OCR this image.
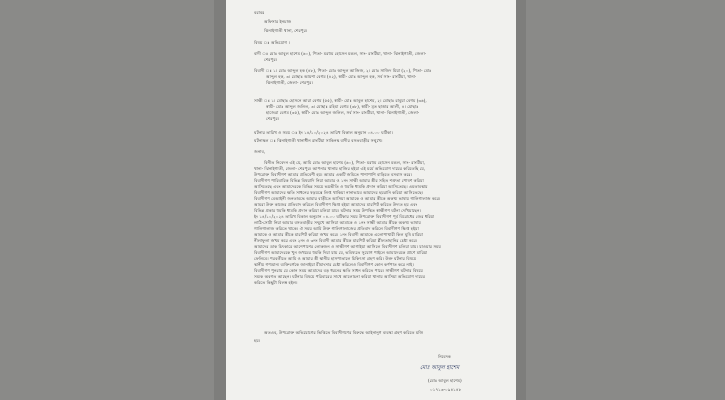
বরাবর
অফিসার ইনচার্জ
ঝিনাইগাতী থানা, শেরপুর।
বিষয় ঃ অভিযোগ ।
বাদী ঃ মোঃ আবুল হাশেম (৬০), পিতা- মরহুম হোসেন মন্ডল, সাং- রাংটিয়া, থানা- ঝিনাইগাতী, জেলা-
শেরপুর।
বিবাদী ঃ ১। মোঃ আব্দুল হক (৪৮), পিতা- মোঃ আব্দুল আজিজ, ২। মোঃ সাজিদ মিয়া (২০), পিতা- মোঃ
আব্দুল হক, ৩। মোছাঃ আয়শা বেগম (৪২), স্বামী- মোঃ আব্দুল হক, সর্ব সাং- রাংটিয়া, থানা-
ঝিনাইগাতী, জেলা- শেরপুর।
সাক্ষী ঃ ১। মোছাঃ হোসনে আরা বেগম (৫৫), স্বামী- মোঃ আবুল হাশেম, ২। মোছাঃ রাবুয়া বেগম (৩৬),
স্বামী- মোঃ আব্দুল জলিল, ৩। মোছাঃ রহিমা বেগম (৩৮), স্বামী- মৃত ছাত্তার আলী, ৪। মোছাঃ
হাজেরা বেগম (৩৫), স্বামী- মোঃ আব্দুল জলিল, সর্ব সাং- রাংটিয়া, থানা- ঝিনাইগাতী, জেলা-
শেরপুর।
ঘটনার তারিখ ও সময় ঃ ইং ১৪/১০/২০২৪ তারিখ বিকাল অনুমান ০৪.০০ ঘটিকা।
ঘটনাস্থল ঃ ঝিনাইগাতী থানাধীন রাংটিয়া সাকিনস্থ বাদীর বসতবাড়ীর সম্মুখে।
জনাব,
বিনীত নিবেদন এই যে, আমি মোঃ আবুল হাশেম (৬০), পিতা- মরহুম হোসেন মন্ডল, সাং- রাংটিয়া,
থানা- ঝিনাইগাতী, জেলা- শেরপুর। আপনার থানায় হাজির হইয়া এই মর্মে অভিযোগ দায়ের করিতেছি যে,
উপরোক্ত বিবাদীগণ আমার প্রতিবেশী হয়। আমার একটি জমিতে পাশাপাশি বাড়িতে বসবাস করে।
বিবাদীগণ পারিবারিক বিভিন্ন বিষয়াদি নিয়া আমার ও ১নং সাক্ষী আমার স্ত্রীর সহিত শত্রুতা পোষণ করিয়া
আসিতেছে এবং আমাদেরকে বিভিন্ন সময়ে ভয়ভীতি ও হুমকি ধামকি প্রদান করিয়া আসিতেছে। এমতাবস্থায়
বিবাদীগণ আমাদের ক্ষতি সাধনের ষড়যন্ত্রে লিপ্ত থাকিয়া নানাভাবে আমাদের হয়রানি করিয়া আসিতেছে।
বিবাদীগণ বেআইনী জনতাবদ্ধে আমার বাড়ীতে আসিয়া আমাকে ও আমার স্ত্রীকে অকথ্য ভাষায় গালিগালাজ করে।
আমরা উক্ত কাজের প্রতিবাদ করিলে বিবাদীগণ ক্ষিপ্ত হইয়া আমাদের মারপিট করিতে উদ্যত হয় এবং
বিভিন্ন প্রকার হুমকি ধামকি প্রদান করিয়া চলিয়া যায়। ঘটনার সময় উপস্থিত স্বাক্ষীগণ ঘটনা দেখিয়াছেন।
ইং ১৪/১০/২০২৪ তারিখ বিকাল অনুমান ০৪.০০ ঘটিকার সময় উপরোক্ত বিবাদীগণ পূর্ব বিরোধের জের ধরিয়া
লাঠি-সোটা নিয়া আমার বসতবাড়ীর সম্মুখে আসিয়া আমাকে ও ১নং সাক্ষী আমার স্ত্রীকে অকথ্য ভাষায়
গালিগালাজ করিতে থাকে। ঐ সময় আমি উক্ত গালিগালাজের প্রতিবাদ করিলে বিবাদীগণ ক্ষিপ্ত হইয়া
আমাকে ও আমার স্ত্রীকে মারপিট করিয়া জখম করে। ১নং বিবাদী আমাকে এলোপাথারী কিল ঘুষি মারিয়া
নীলাফুলা জখম করে এবং ২নং ও ৩নং বিবাদী আমার স্ত্রীকে মারপিট করিয়া শ্লীলতাহানির চেষ্টা করে।
আমাদের ডাক চিৎকারে আশেপাশের লোকজন ও সাক্ষীগণ আগাইয়া আসিলে বিবাদীগণ চলিয়া যায়। যাওয়ার সময়
বিবাদীগণ আমাদেরকে খুন জখমের হুমকি দিয়া যায় যে, ভবিষ্যতে সুযোগ পাইলে আমাদেরকে প্রাণে মারিয়া
ফেলিবে। পরবর্তীতে আমি ও আমার স্ত্রী স্থানীয় হাসপাতালে চিকিৎসা গ্রহণ করি। উক্ত ঘটনার বিষয়ে
স্থানীয় গণ্যমান্য ব্যক্তিবর্গকে জানাইয়া মীমাংসার চেষ্টা করিলেও বিবাদীগণ কোন কর্ণপাত করে নাই।
বিবাদীগণ পুনরায় যে কোন সময় আমাদের বড় ধরনের ক্ষতি সাধন করিতে পারে। সাক্ষীগণ ঘটনার বিষয়ে
সম্যক অবগত আছেন। ঘটনার বিষয়ে পরিবারের সাথে আলোচনা করিয়া থানায় আসিয়া অভিযোগ দায়ের
করিতে কিছুটা বিলম্ব হইল।
অতএব, উপরোক্ত অভিযোগের ভিত্তিতে বিবাদীগণের বিরুদ্ধে আইনানুগ ব্যবস্থা গ্রহণ করিতে মর্জি
হয়।
নিবেদক
মোঃ আবুল হাশেম
(মোঃ আবুল হাশেম)
০১৭১৩-০৯৪১৪৮
